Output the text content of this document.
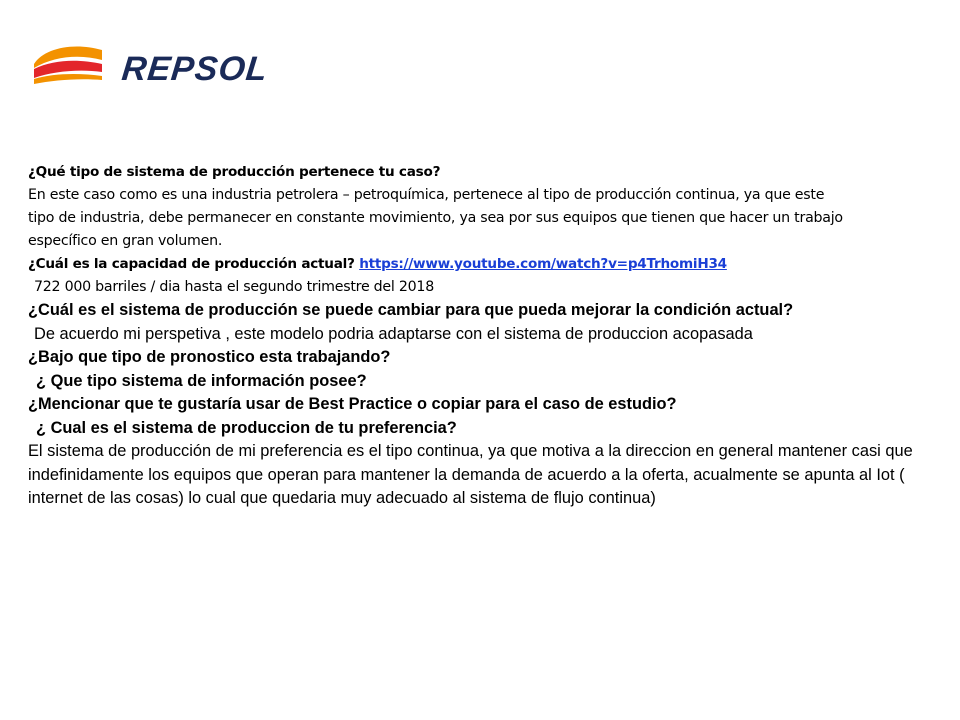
REPSOL

¿Qué tipo de sistema de producción pertenece tu caso?

En este caso como es una industria petrolera – petroquímica, pertenece al tipo de producción continua, ya que este

tipo de industria, debe permanecer en constante movimiento, ya sea por sus equipos que tienen que hacer un trabajo

específico en gran volumen.

¿Cuál es la capacidad de producción actual? https://www.youtube.com/watch?v=p4TrhomiH34

722 000 barriles / dia hasta el segundo trimestre del 2018

¿Cuál es el sistema de producción se puede cambiar para que pueda mejorar la condición actual?

De acuerdo mi perspetiva , este modelo podria adaptarse con el sistema de produccion acopasada

¿Bajo que tipo de pronostico esta trabajando?

¿ Que tipo sistema de información posee?

¿Mencionar que te gustaría usar de Best Practice o copiar para el caso de estudio?

¿ Cual es el sistema de produccion de tu preferencia?

El sistema de producción de mi preferencia es el tipo continua, ya que motiva a la direccion en general mantener casi que indefinidamente los equipos que operan para mantener la demanda de acuerdo a la oferta, acualmente se apunta al Iot ( internet de las cosas) lo cual que quedaria muy adecuado al sistema de flujo continua)
